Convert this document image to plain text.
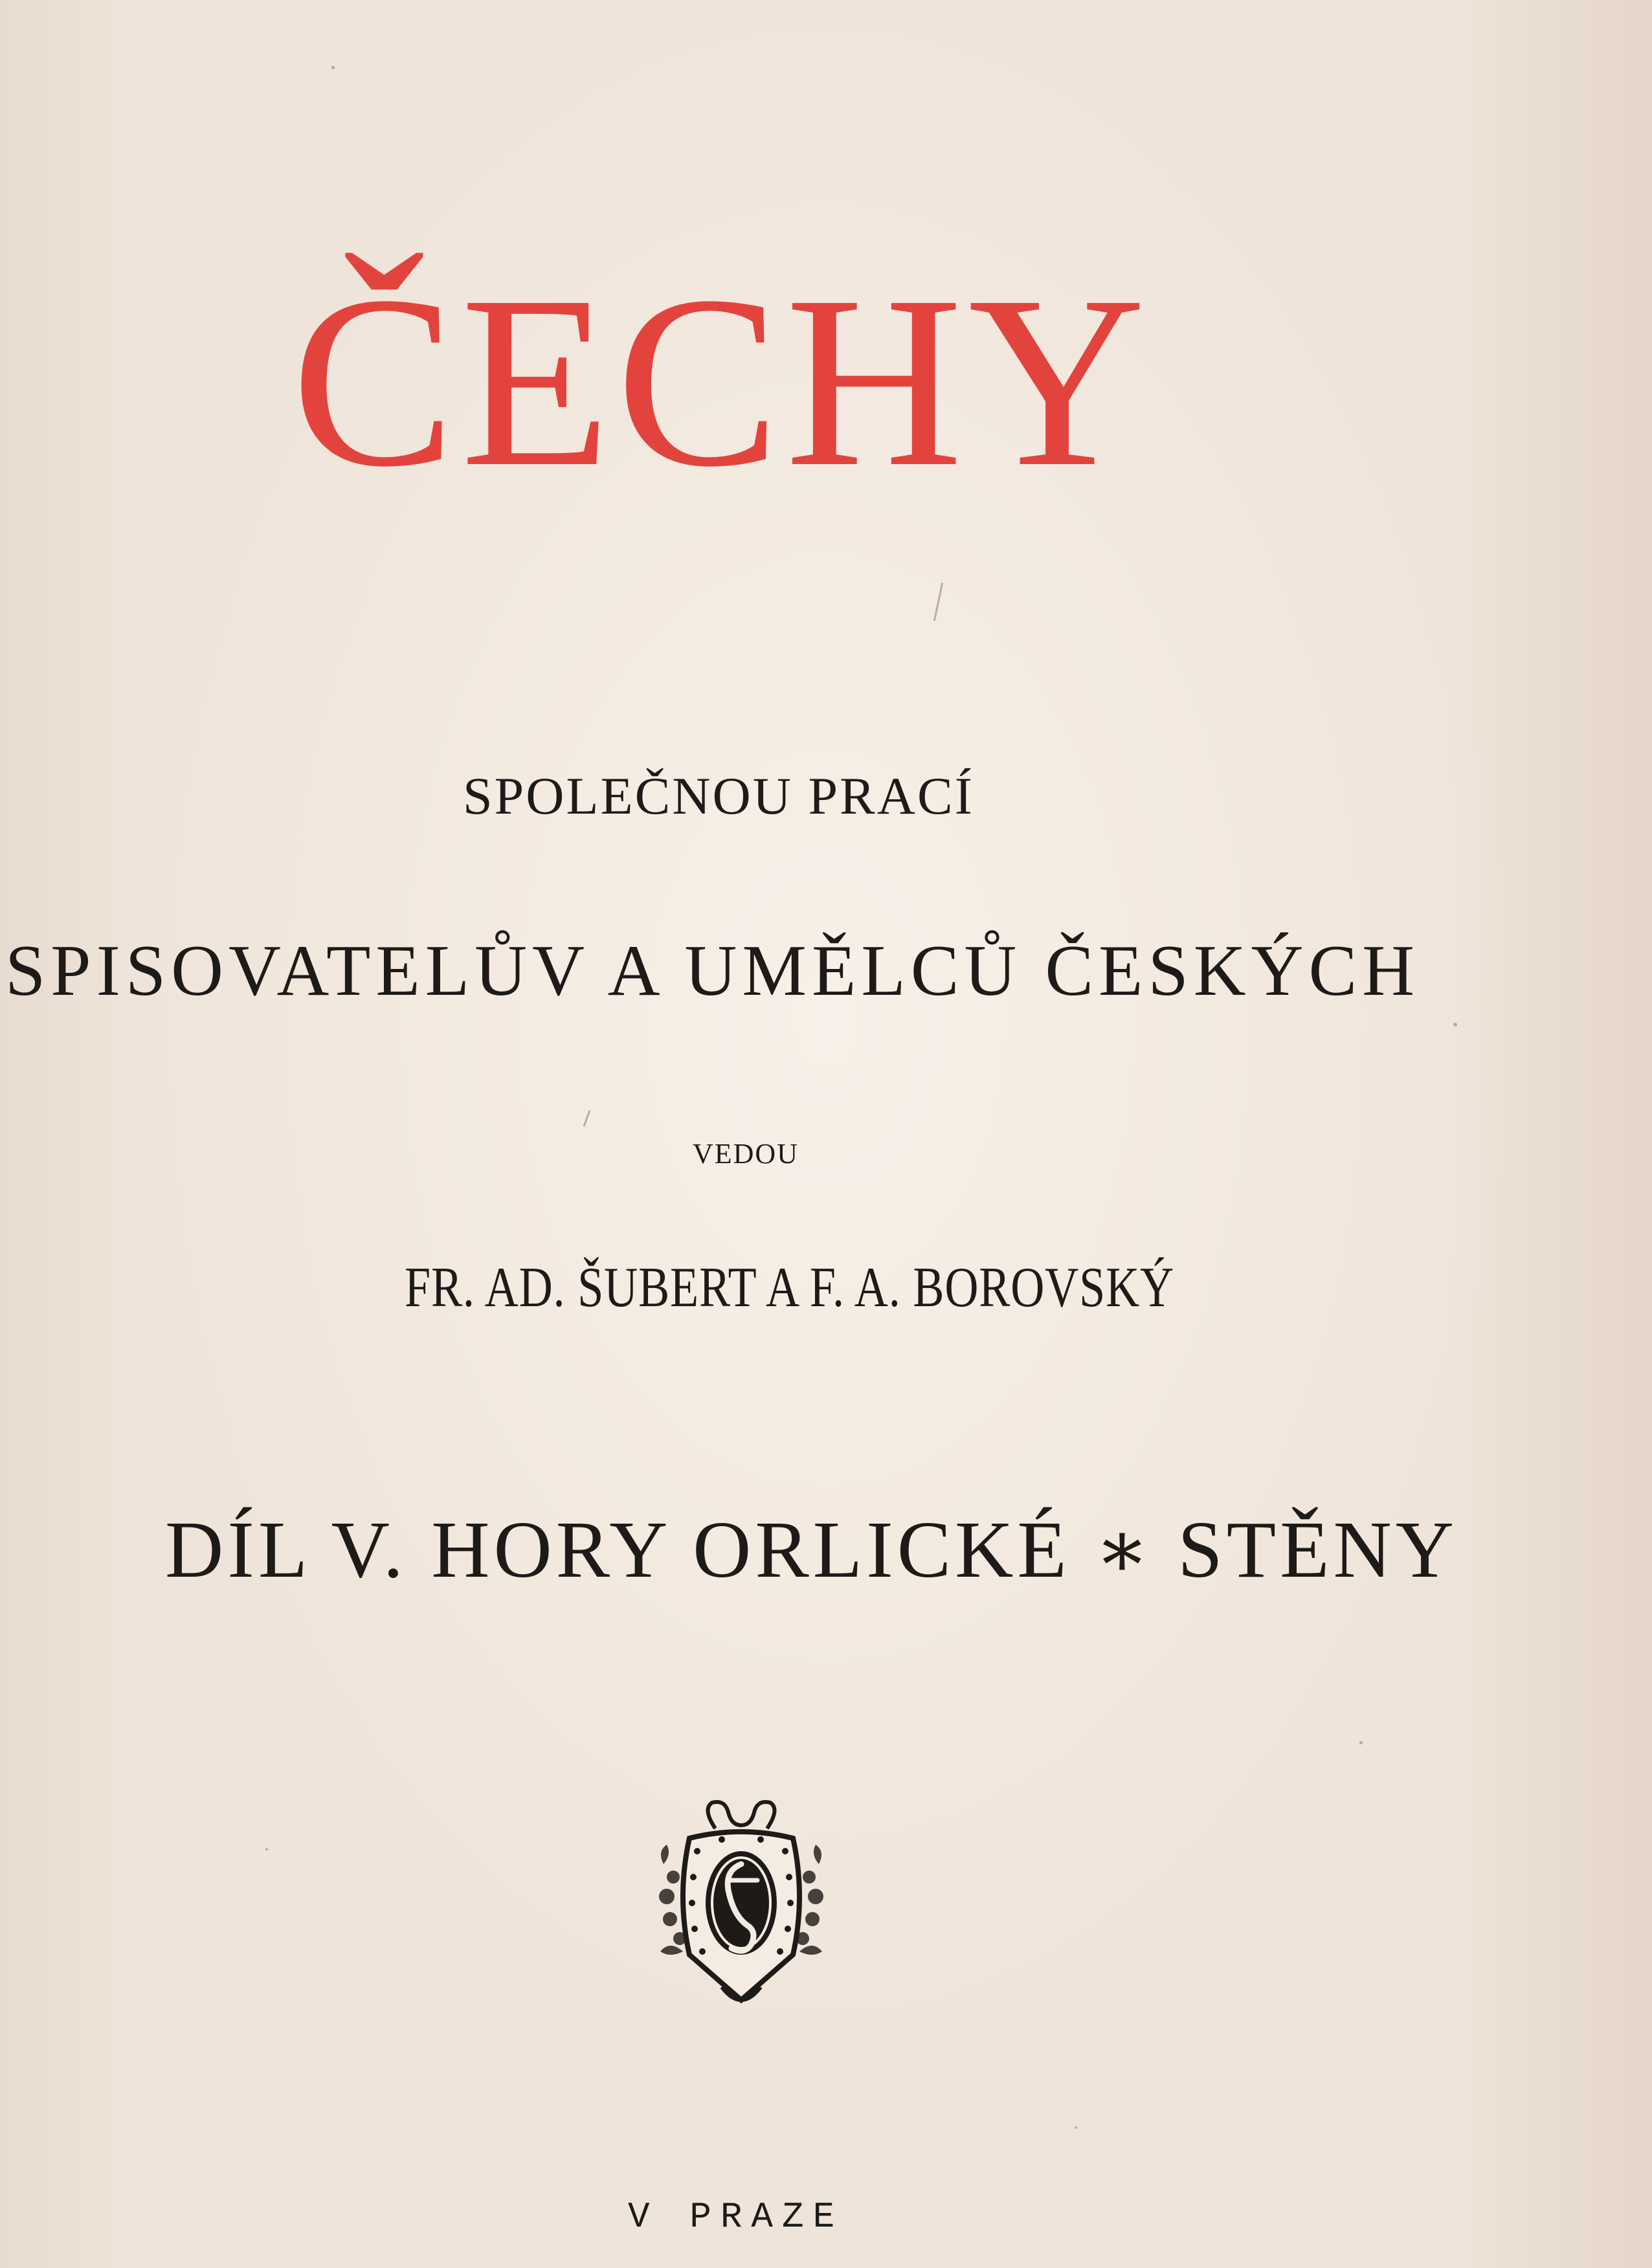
ČECHY
SPOLEČNOU PRACÍ
SPISOVATELŮV A UMĚLCŮ ČESKÝCH
VEDOU
FR. AD. ŠUBERT A F. A. BOROVSKÝ
DÍL V. HORY ORLICKÉ ∗ STĚNY
V PRAZE
